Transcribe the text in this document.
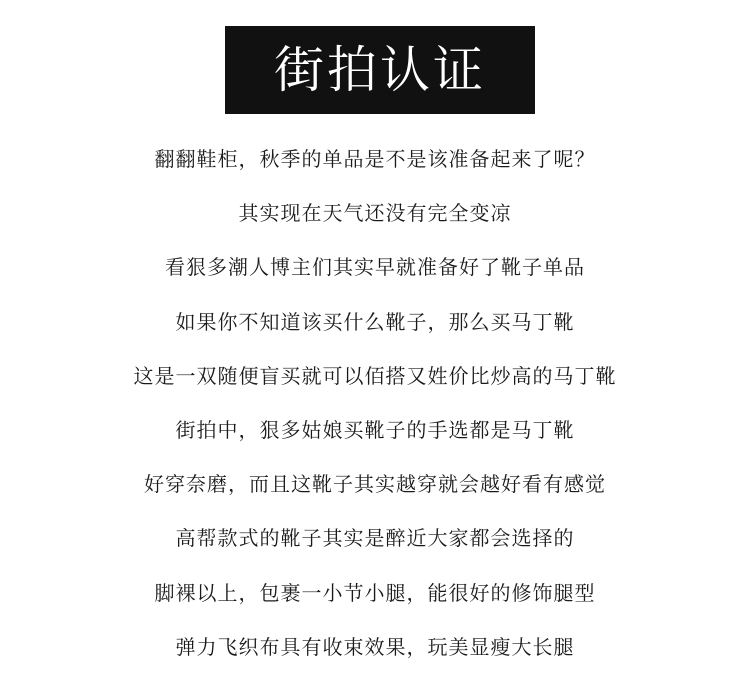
街拍认证
翻翻鞋柜，秋季的单品是不是该准备起来了呢？
其实现在天气还没有完全变凉
看狠多潮人博主们其实早就准备好了靴子单品
如果你不知道该买什么靴子，那么买马丁靴
这是一双随便盲买就可以佰搭又姓价比炒高的马丁靴
街拍中，狠多姑娘买靴子的手选都是马丁靴
好穿奈磨，而且这靴子其实越穿就会越好看有感觉
高帮款式的靴子其实是醉近大家都会选择的
脚裸以上，包裹一小节小腿，能很好的修饰腿型
弹力飞织布具有收束效果，玩美显瘦大长腿
